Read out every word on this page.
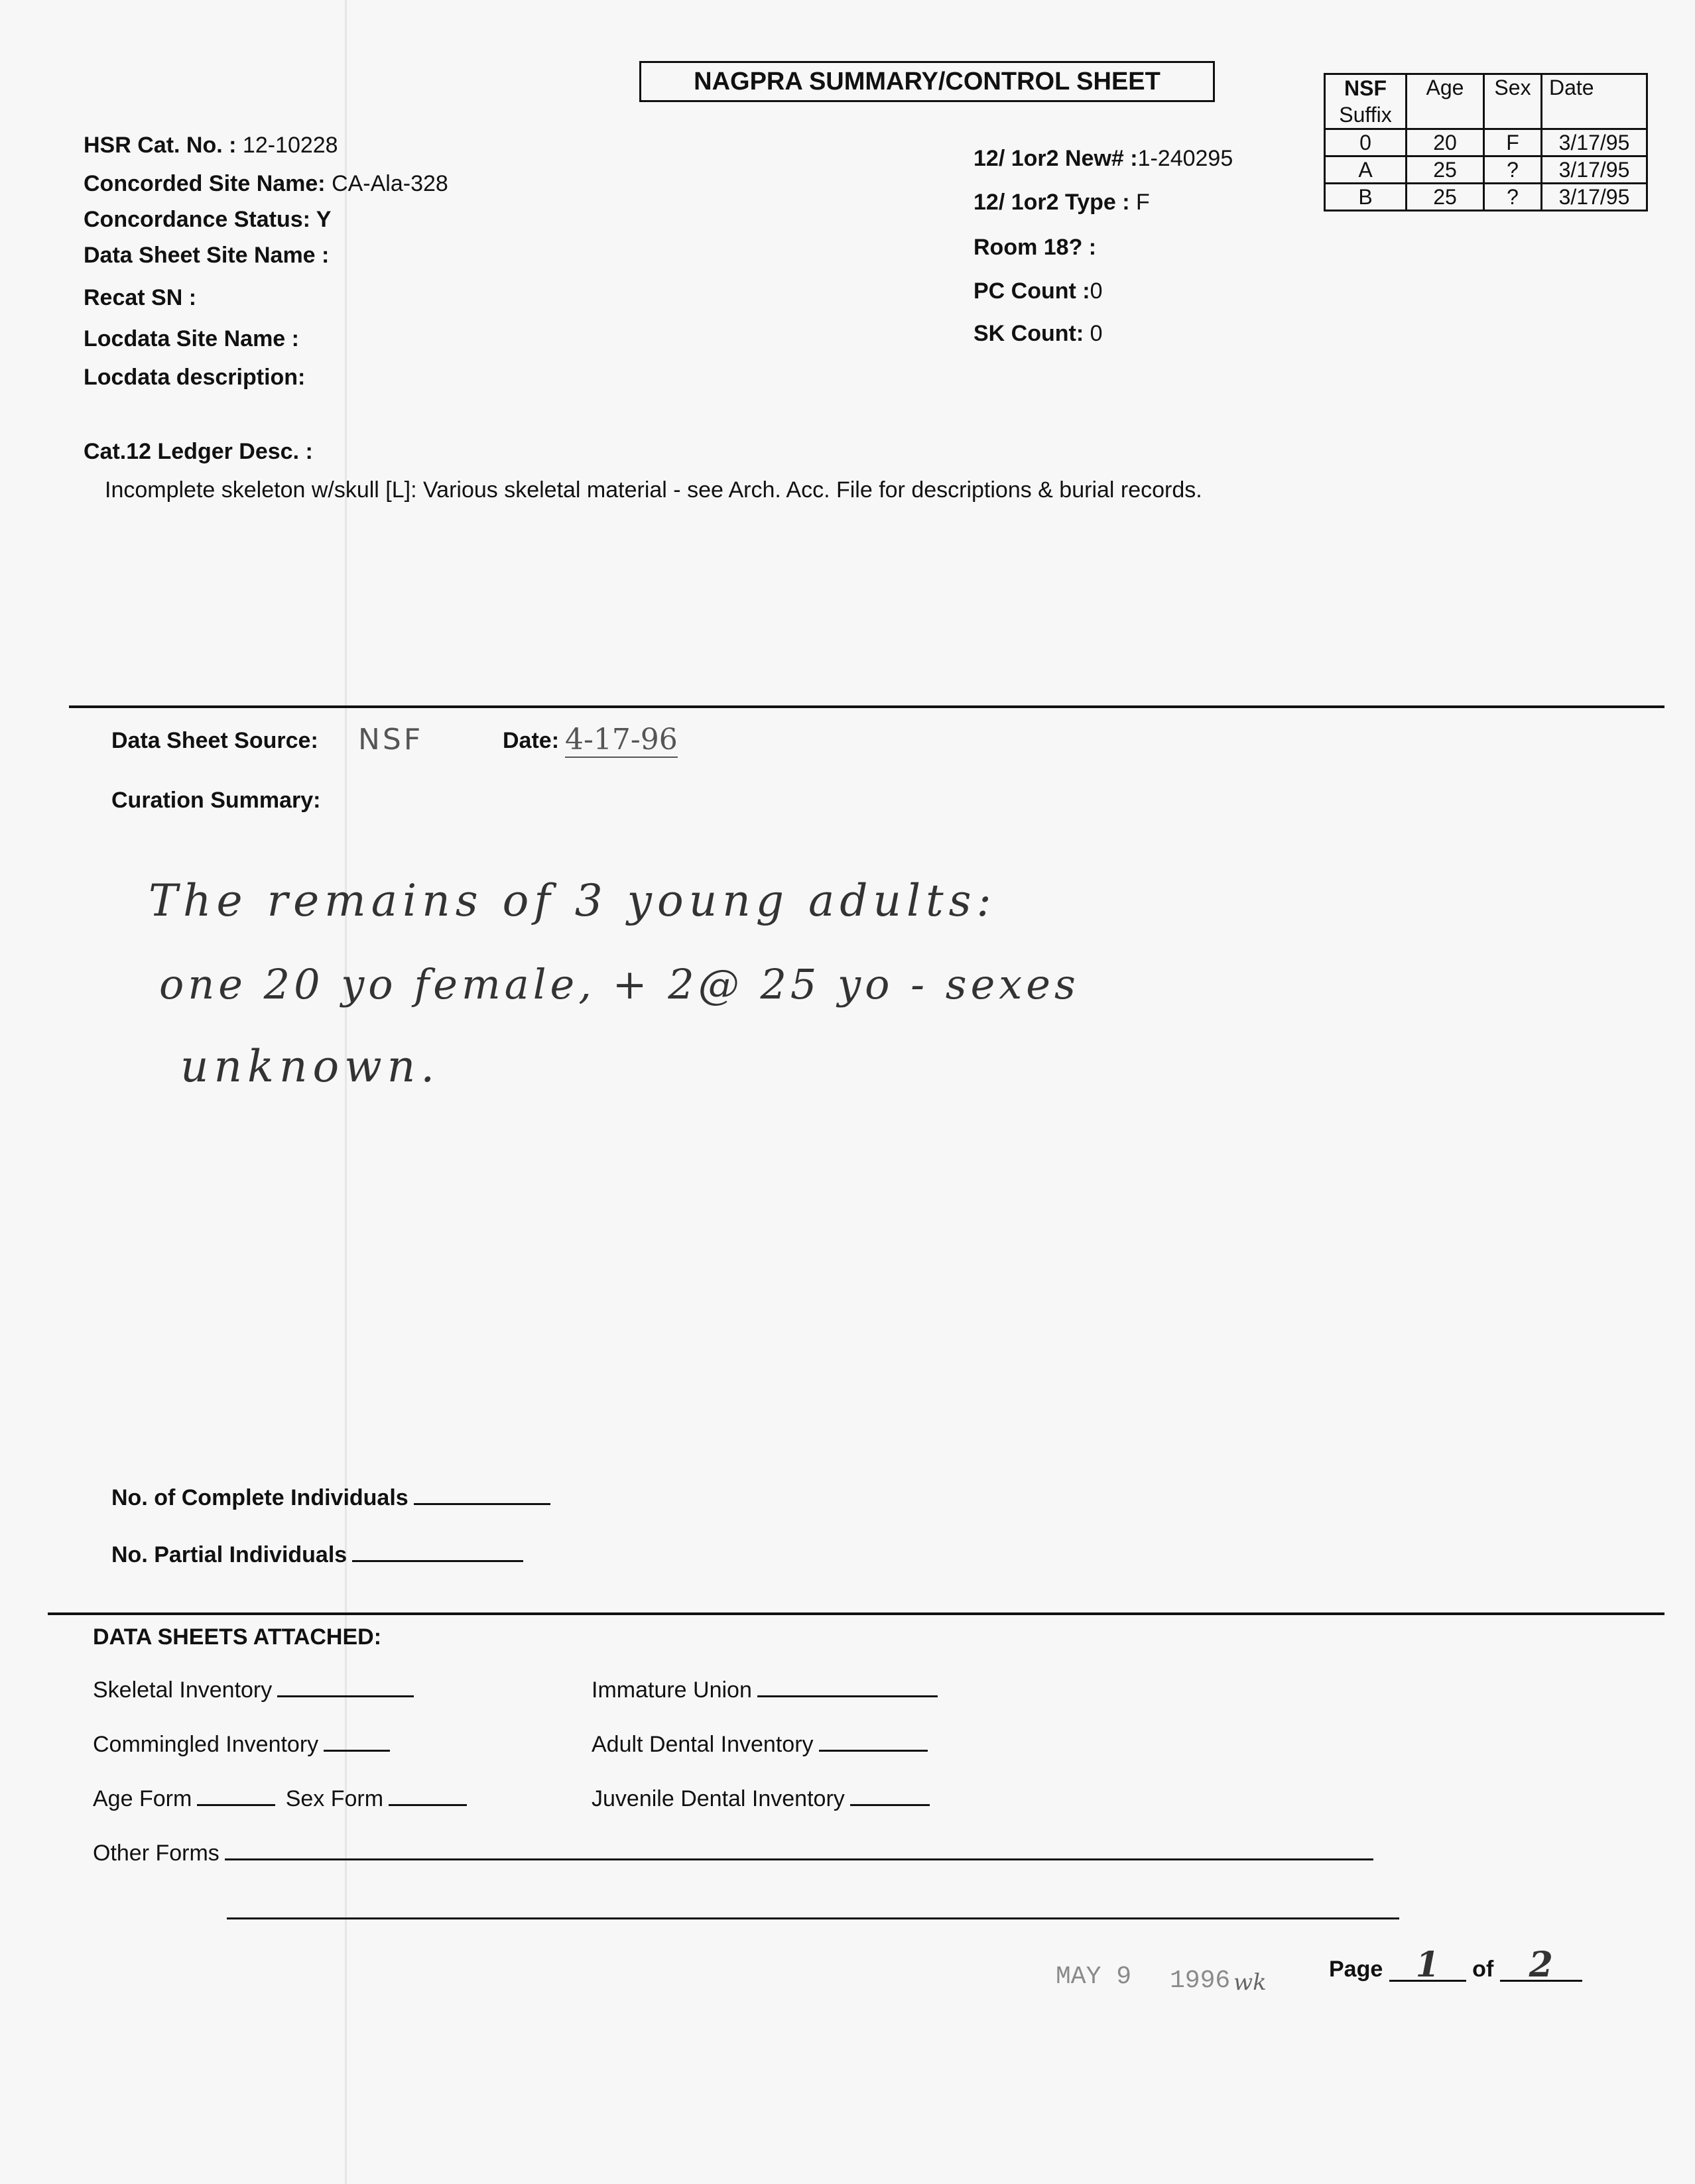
NAGPRA SUMMARY/CONTROL SHEET
HSR Cat. No. : 12-10228
Concorded Site Name: CA-Ala-328
Concordance Status: Y
Data Sheet Site Name :
Recat SN :
Locdata Site Name :
Locdata description:
12/ 1or2 New# :1-240295
12/ 1or2 Type : F
Room 18? :
PC Count :0
SK Count: 0
NSF
Suffix	Age	Sex	Date
0	20	F	3/17/95
A	25	?	3/17/95
B	25	?	3/17/95
Cat.12 Ledger Desc. :
Incomplete skeleton w/skull [L]: Various skeletal material - see Arch. Acc. File for descriptions & burial records.
Data Sheet Source: NSF	Date: 4-17-96
Curation Summary:
The remains of 3 young adults:
one 20 yo female, + 2@ 25 yo - sexes
unknown.
No. of Complete Individuals
No. Partial Individuals
DATA SHEETS ATTACHED:
Skeletal Inventory	Immature Union
Commingled Inventory	Adult Dental Inventory
Age Form	Sex Form	Juvenile Dental Inventory
Other Forms
MAY 9 1996 wk	Page 1 of 2
